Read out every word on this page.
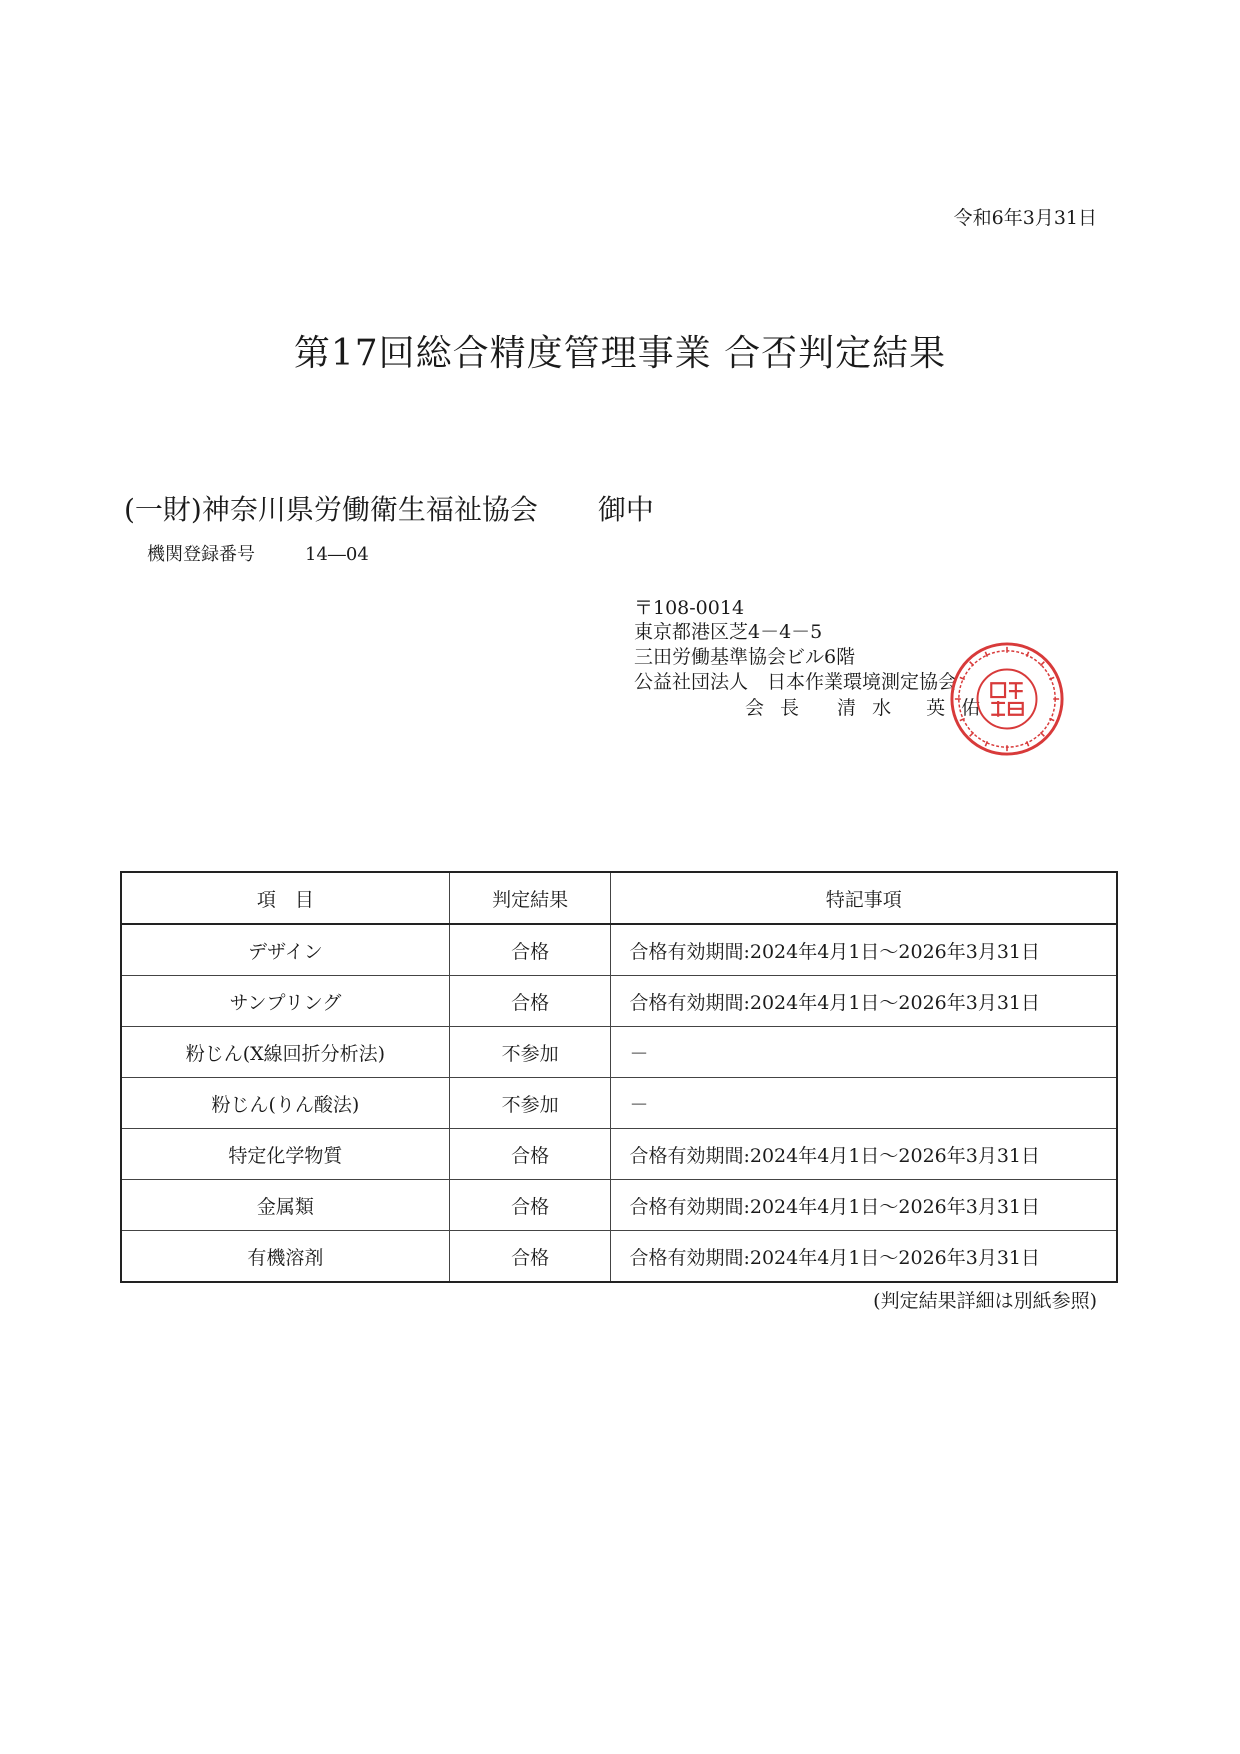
令和6年3月31日
第17回総合精度管理事業 合否判定結果
(一財)神奈川県労働衛生福祉協会 御中
機関登録番号	14―04
〒108-0014
東京都港区芝4－4－5
三田労働基準協会ビル6階
公益社団法人　日本作業環境測定協会
会 長　　清 水　 英 佑
項　目	判定結果	特記事項
デザイン	合格	合格有効期間:2024年4月1日～2026年3月31日
サンプリング	合格	合格有効期間:2024年4月1日～2026年3月31日
粉じん(X線回折分析法)	不参加	－
粉じん(りん酸法)	不参加	－
特定化学物質	合格	合格有効期間:2024年4月1日～2026年3月31日
金属類	合格	合格有効期間:2024年4月1日～2026年3月31日
有機溶剤	合格	合格有効期間:2024年4月1日～2026年3月31日
(判定結果詳細は別紙参照)
